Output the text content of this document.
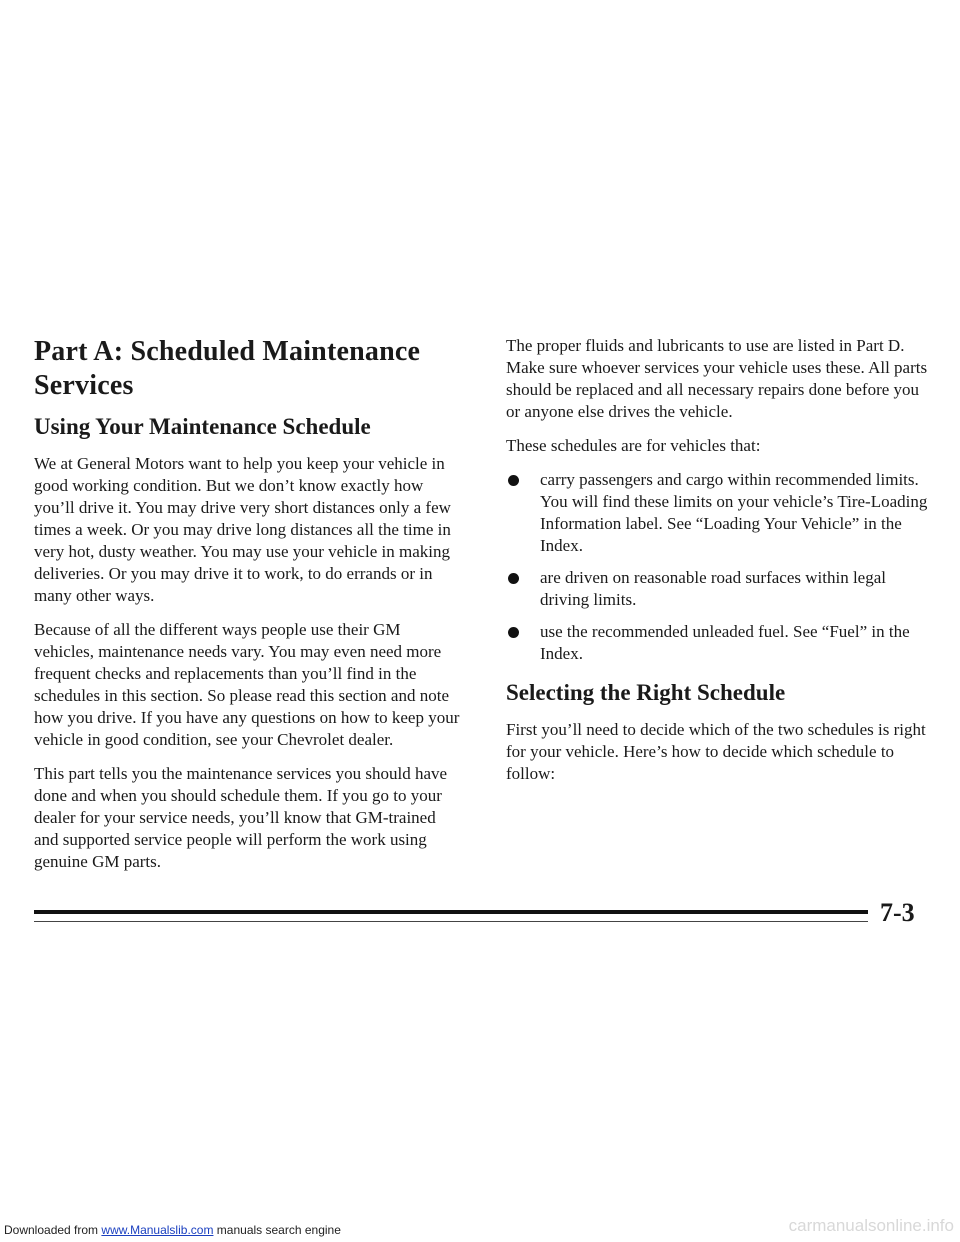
Part A: Scheduled Maintenance Services
Using Your Maintenance Schedule

We at General Motors want to help you keep your vehicle in good working condition. But we don’t know exactly how you’ll drive it. You may drive very short distances only a few times a week. Or you may drive long distances all the time in very hot, dusty weather. You may use your vehicle in making deliveries. Or you may drive it to work, to do errands or in many other ways.

Because of all the different ways people use their GM vehicles, maintenance needs vary. You may even need more frequent checks and replacements than you’ll find in the schedules in this section. So please read this section and note how you drive. If you have any questions on how to keep your vehicle in good condition, see your Chevrolet dealer.

This part tells you the maintenance services you should have done and when you should schedule them. If you go to your dealer for your service needs, you’ll know that GM-trained and supported service people will perform the work using genuine GM parts.

The proper fluids and lubricants to use are listed in Part D. Make sure whoever services your vehicle uses these. All parts should be replaced and all necessary repairs done before you or anyone else drives the vehicle.

These schedules are for vehicles that:

carry passengers and cargo within recommended limits. You will find these limits on your vehicle’s Tire-Loading Information label. See “Loading Your Vehicle” in the Index.
are driven on reasonable road surfaces within legal driving limits.
use the recommended unleaded fuel. See “Fuel” in the Index.
Selecting the Right Schedule

First you’ll need to decide which of the two schedules is right for your vehicle. Here’s how to decide which schedule to follow:

7-3
Downloaded from www.Manualslib.com manuals search engine	carmanualsonline.info
